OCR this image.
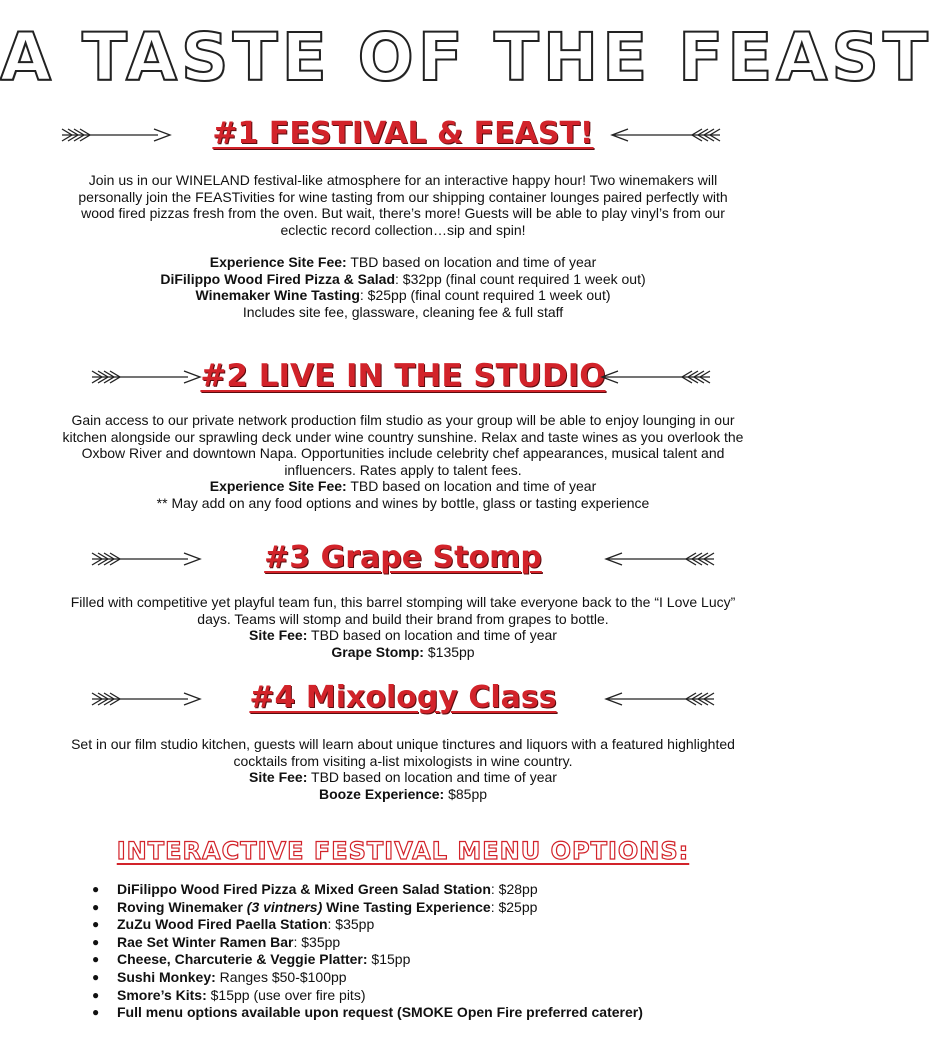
A TASTE OF THE FEAST
#1 FESTIVAL & FEAST!

Join us in our WINELAND festival-like atmosphere for an interactive happy hour! Two winemakers will personally join the FEASTivities for wine tasting from our shipping container lounges paired perfectly with wood fired pizzas fresh from the oven. But wait, there’s more! Guests will be able to play vinyl’s from our eclectic record collection…sip and spin!

Experience Site Fee: TBD based on location and time of year

DiFilippo Wood Fired Pizza & Salad: $32pp (final count required 1 week out)

Winemaker Wine Tasting: $25pp (final count required 1 week out)

Includes site fee, glassware, cleaning fee & full staff

#2 LIVE IN THE STUDIO

Gain access to our private network production film studio as your group will be able to enjoy lounging in our kitchen alongside our sprawling deck under wine country sunshine. Relax and taste wines as you overlook the Oxbow River and downtown Napa. Opportunities include celebrity chef appearances, musical talent and influencers. Rates apply to talent fees.

Experience Site Fee: TBD based on location and time of year

** May add on any food options and wines by bottle, glass or tasting experience

#3 Grape Stomp

Filled with competitive yet playful team fun, this barrel stomping will take everyone back to the “I Love Lucy” days. Teams will stomp and build their brand from grapes to bottle.

Site Fee: TBD based on location and time of year

Grape Stomp: $135pp

#4 Mixology Class

Set in our film studio kitchen, guests will learn about unique tinctures and liquors with a featured highlighted cocktails from visiting a-list mixologists in wine country.

Site Fee: TBD based on location and time of year

Booze Experience: $85pp

INTERACTIVE FESTIVAL MENU OPTIONS:
● DiFilippo Wood Fired Pizza & Mixed Green Salad Station: $28pp
● Roving Winemaker (3 vintners) Wine Tasting Experience: $25pp
● ZuZu Wood Fired Paella Station: $35pp
● Rae Set Winter Ramen Bar: $35pp
● Cheese, Charcuterie & Veggie Platter: $15pp
● Sushi Monkey: Ranges $50-$100pp
● Smore’s Kits: $15pp (use over fire pits)
● Full menu options available upon request (SMOKE Open Fire preferred caterer)
